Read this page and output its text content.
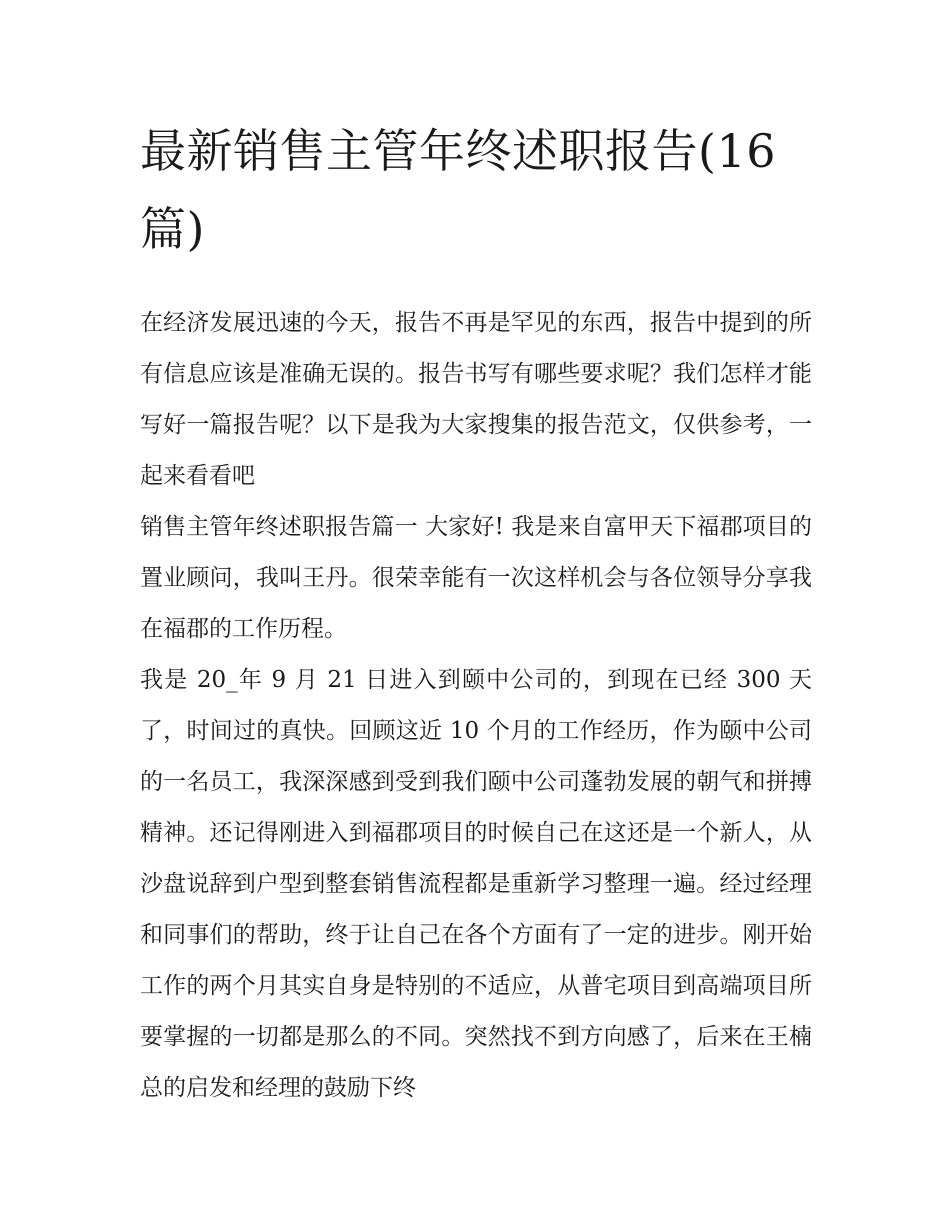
最新销售主管年终述职报告(16篇)

在经济发展迅速的今天，报告不再是罕见的东西，报告中提到的所有信息应该是准确无误的。报告书写有哪些要求呢？我们怎样才能写好一篇报告呢？以下是我为大家搜集的报告范文，仅供参考，一起来看看吧

销售主管年终述职报告篇一 大家好! 我是来自富甲天下福郡项目的置业顾问，我叫王丹。很荣幸能有一次这样机会与各位领导分享我在福郡的工作历程。

我是 20_年 9 月 21 日进入到颐中公司的，到现在已经 300 天了，时间过的真快。回顾这近 10 个月的工作经历，作为颐中公司的一名员工，我深深感到受到我们颐中公司蓬勃发展的朝气和拼搏精神。还记得刚进入到福郡项目的时候自己在这还是一个新人，从沙盘说辞到户型到整套销售流程都是重新学习整理一遍。经过经理和同事们的帮助，终于让自己在各个方面有了一定的进步。刚开始工作的两个月其实自身是特别的不适应，从普宅项目到高端项目所要掌握的一切都是那么的不同。突然找不到方向感了，后来在王楠总的启发和经理的鼓励下终
